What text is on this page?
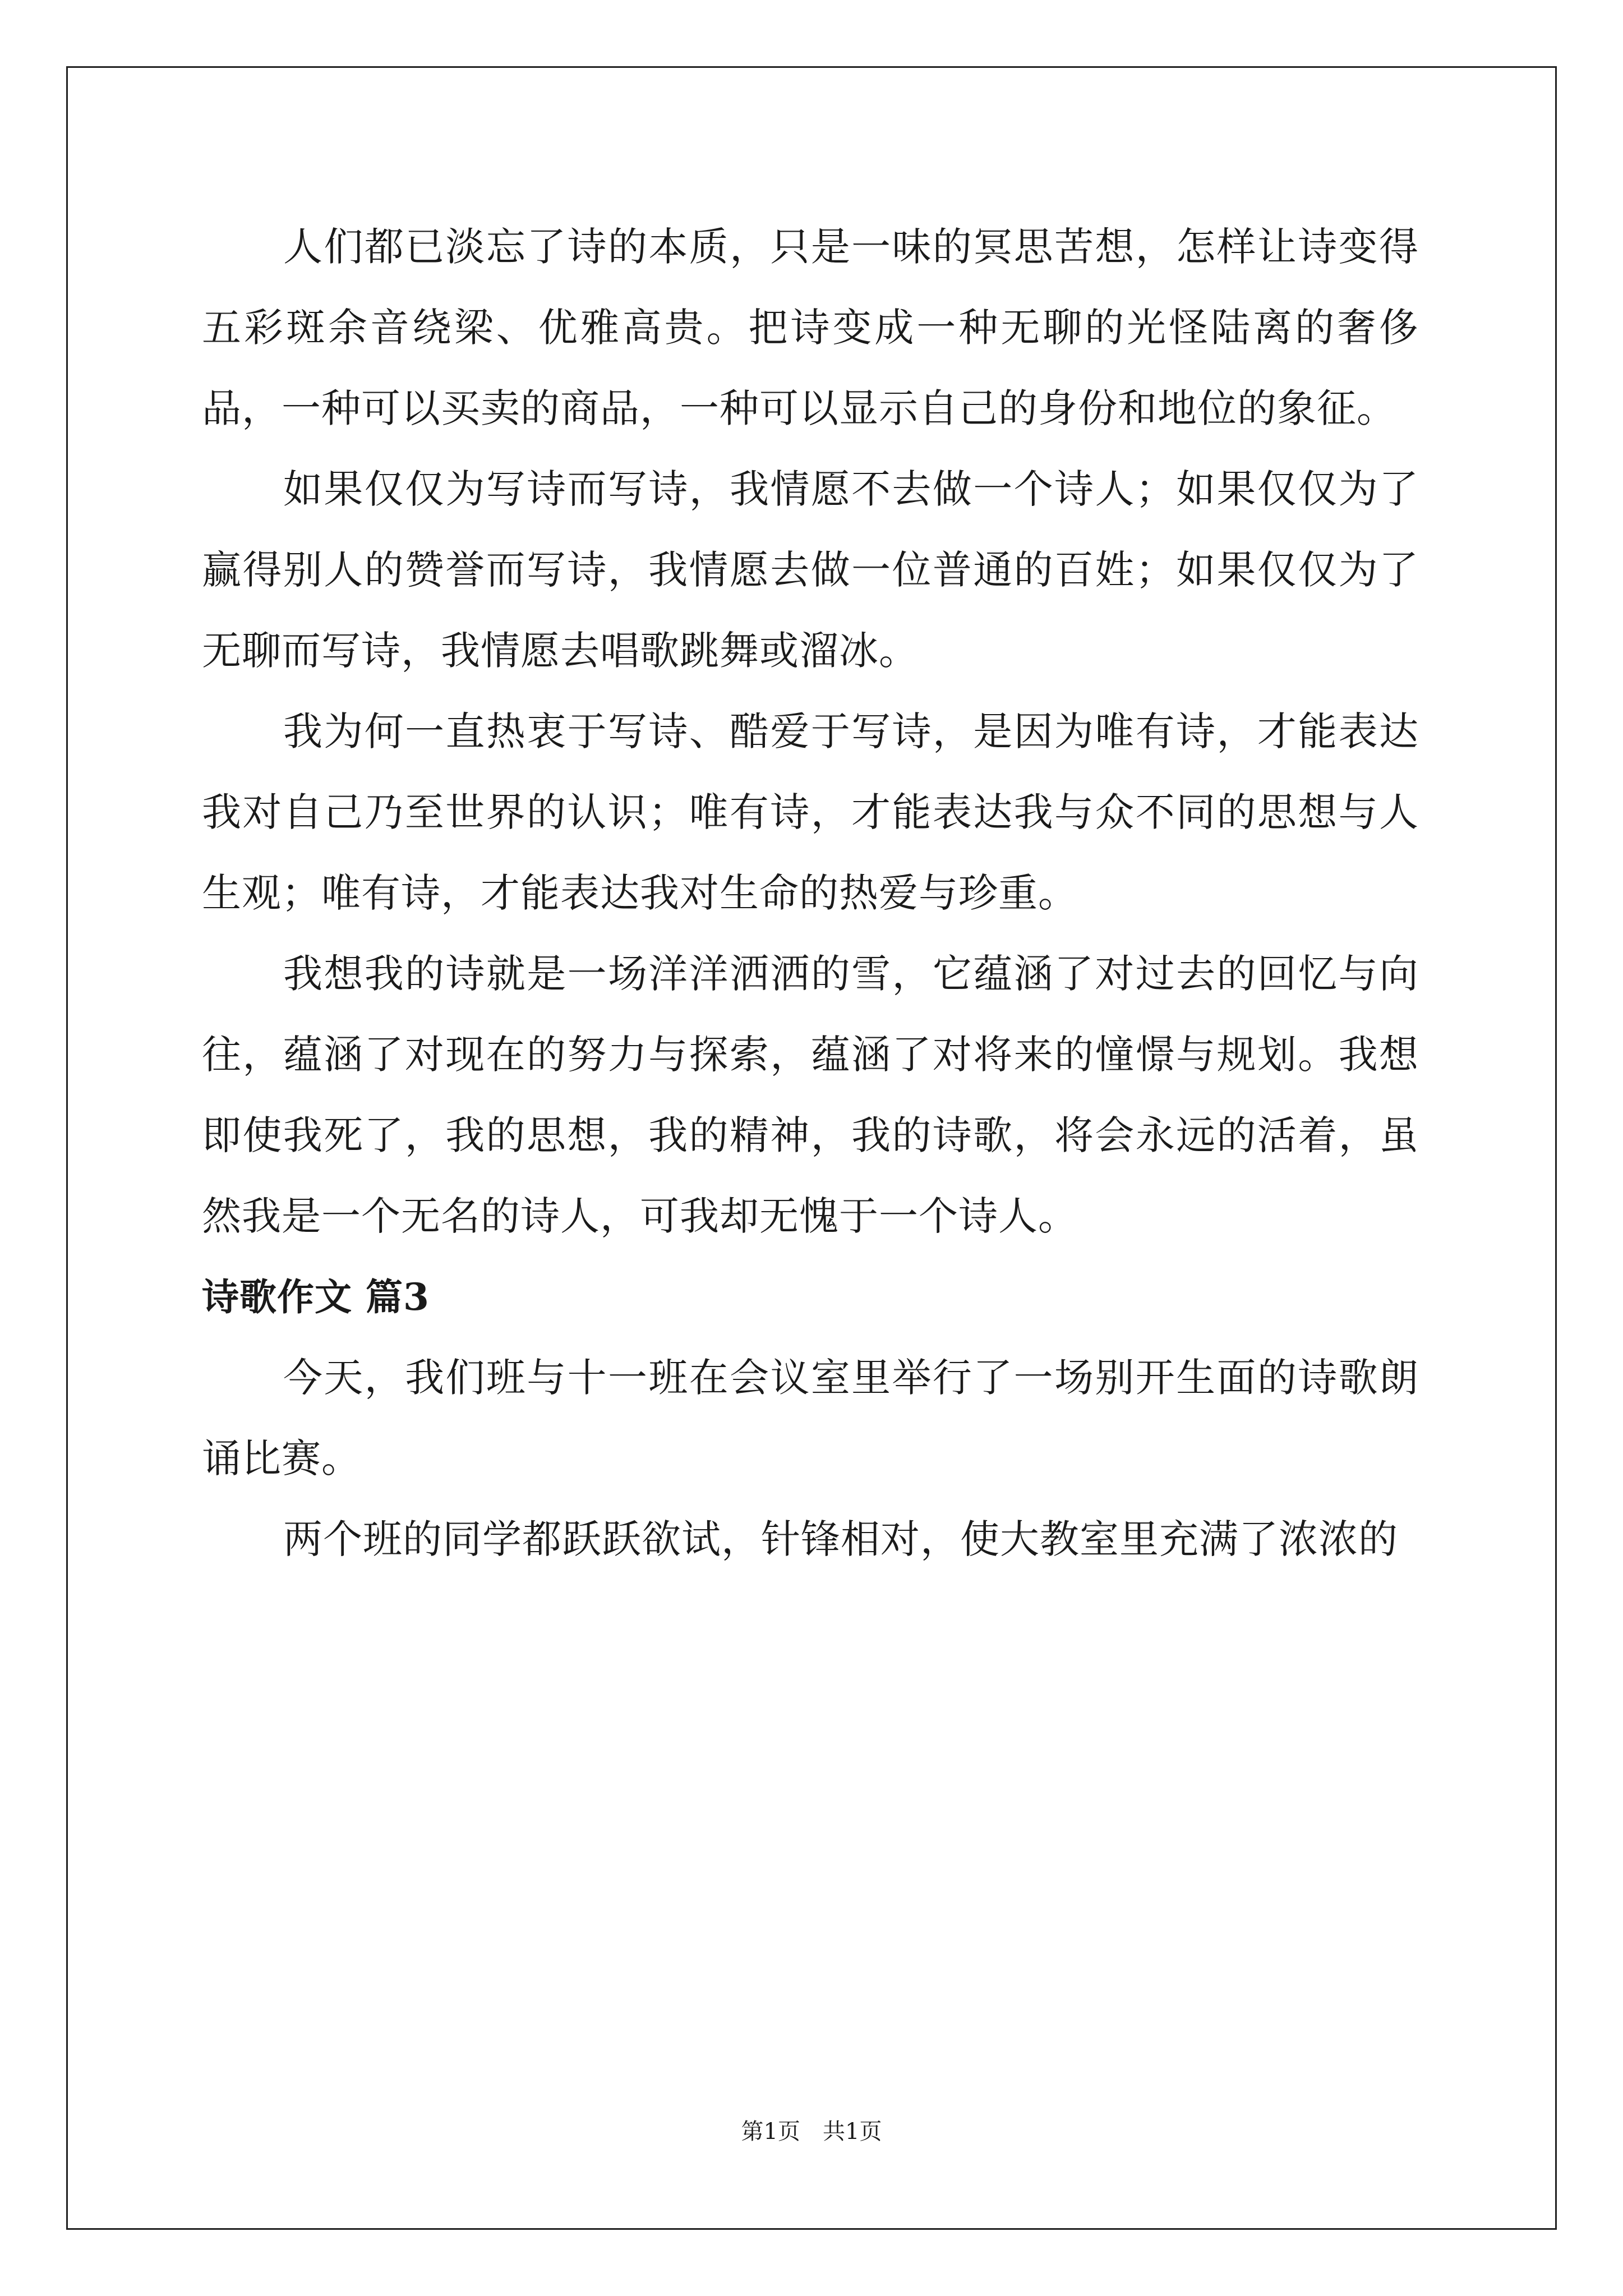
人们都已淡忘了诗的本质，只是一味的冥思苦想，怎样让诗变得五彩斑余音绕梁、优雅高贵。把诗变成一种无聊的光怪陆离的奢侈品，一种可以买卖的商品，一种可以显示自己的身份和地位的象征。

如果仅仅为写诗而写诗，我情愿不去做一个诗人；如果仅仅为了赢得别人的赞誉而写诗，我情愿去做一位普通的百姓；如果仅仅为了无聊而写诗，我情愿去唱歌跳舞或溜冰。

我为何一直热衷于写诗、酷爱于写诗，是因为唯有诗，才能表达我对自己乃至世界的认识；唯有诗，才能表达我与众不同的思想与人生观；唯有诗，才能表达我对生命的热爱与珍重。

我想我的诗就是一场洋洋洒洒的雪，它蕴涵了对过去的回忆与向往，蕴涵了对现在的努力与探索，蕴涵了对将来的憧憬与规划。我想即使我死了，我的思想，我的精神，我的诗歌，将会永远的活着，虽然我是一个无名的诗人，可我却无愧于一个诗人。

诗歌作文 篇3

今天，我们班与十一班在会议室里举行了一场别开生面的诗歌朗诵比赛。

两个班的同学都跃跃欲试，针锋相对，使大教室里充满了浓浓的

第1页 共1页
